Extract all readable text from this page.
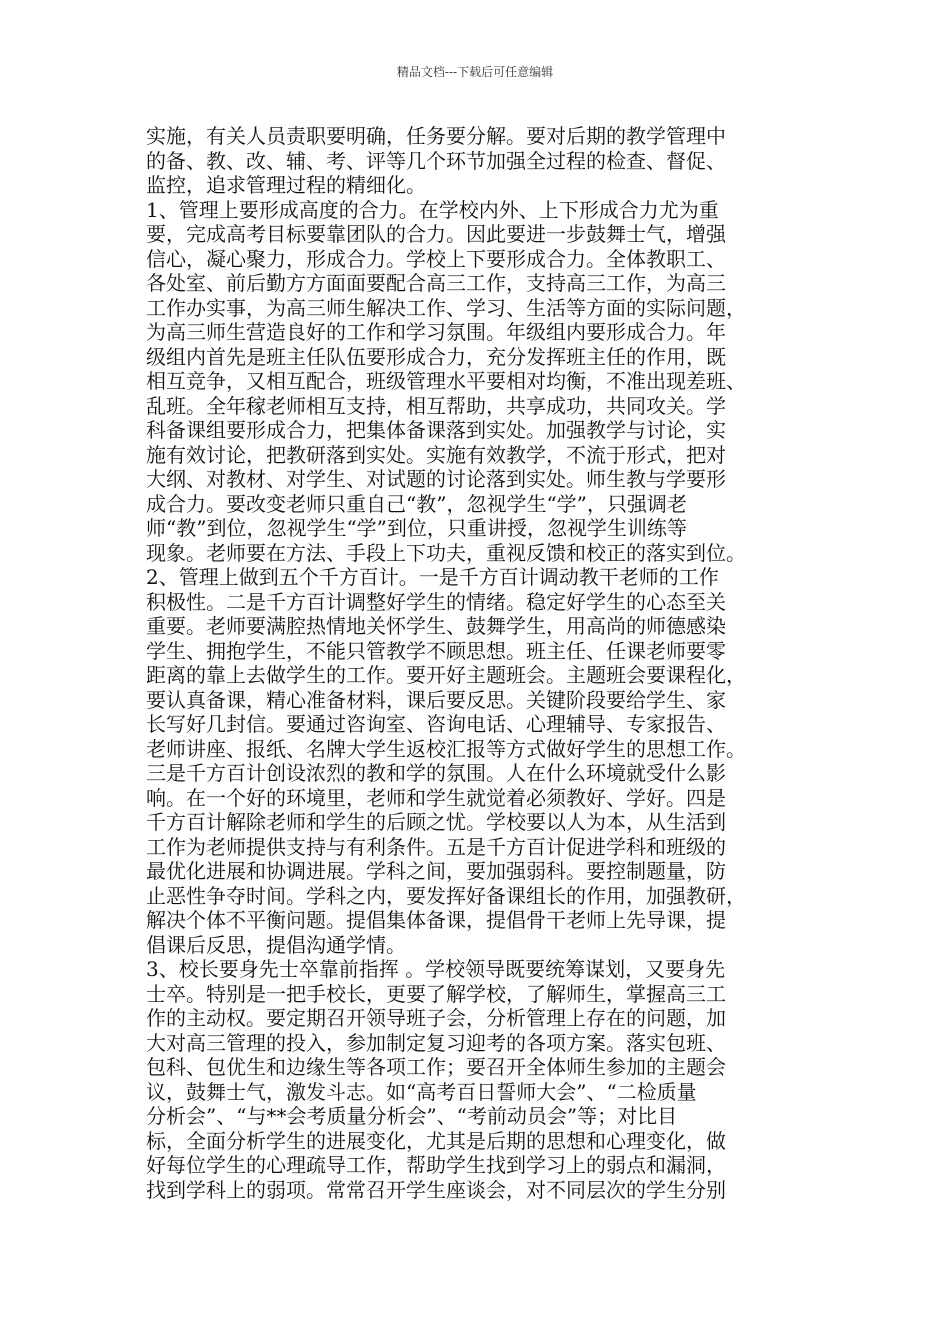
精品文档---下载后可任意编辑
实施，有关人员责职要明确，任务要分解。要对后期的教学管理中
的备、教、改、辅、考、评等几个环节加强全过程的检查、督促、
监控，追求管理过程的精细化。
1、管理上要形成高度的合力。在学校内外、上下形成合力尤为重
要，完成高考目标要靠团队的合力。因此要进一步鼓舞士气，增强
信心，凝心聚力，形成合力。学校上下要形成合力。全体教职工、
各处室、前后勤方方面面要配合高三工作，支持高三工作，为高三
工作办实事，为高三师生解决工作、学习、生活等方面的实际问题，
为高三师生营造良好的工作和学习氛围。年级组内要形成合力。年
级组内首先是班主任队伍要形成合力，充分发挥班主任的作用，既
相互竞争，又相互配合，班级管理水平要相对均衡，不准出现差班、
乱班。全年稼老师相互支持，相互帮助，共享成功，共同攻关。学
科备课组要形成合力，把集体备课落到实处。加强教学与讨论，实
施有效讨论，把教研落到实处。实施有效教学，不流于形式，把对
大纲、对教材、对学生、对试题的讨论落到实处。师生教与学要形
成合力。要改变老师只重自己“教”，忽视学生“学”，只强调老
师“教”到位，忽视学生“学”到位，只重讲授，忽视学生训练等
现象。老师要在方法、手段上下功夫，重视反馈和校正的落实到位。
2、管理上做到五个千方百计。一是千方百计调动教干老师的工作
积极性。二是千方百计调整好学生的情绪。稳定好学生的心态至关
重要。老师要满腔热情地关怀学生、鼓舞学生，用高尚的师德感染
学生、拥抱学生，不能只管教学不顾思想。班主任、任课老师要零
距离的靠上去做学生的工作。要开好主题班会。主题班会要课程化，
要认真备课，精心准备材料，课后要反思。关键阶段要给学生、家
长写好几封信。要通过咨询室、咨询电话、心理辅导、专家报告、
老师讲座、报纸、名牌大学生返校汇报等方式做好学生的思想工作。
三是千方百计创设浓烈的教和学的氛围。人在什么环境就受什么影
响。在一个好的环境里，老师和学生就觉着必须教好、学好。四是
千方百计解除老师和学生的后顾之忧。学校要以人为本，从生活到
工作为老师提供支持与有利条件。五是千方百计促进学科和班级的
最优化进展和协调进展。学科之间，要加强弱科。要控制题量，防
止恶性争夺时间。学科之内，要发挥好备课组长的作用，加强教研，
解决个体不平衡问题。提倡集体备课，提倡骨干老师上先导课，提
倡课后反思，提倡沟通学情。
3、校长要身先士卒靠前指挥 。学校领导既要统筹谋划，又要身先
士卒。特别是一把手校长，更要了解学校，了解师生，掌握高三工
作的主动权。要定期召开领导班子会，分析管理上存在的问题，加
大对高三管理的投入，参加制定复习迎考的各项方案。落实包班、
包科、包优生和边缘生等各项工作；要召开全体师生参加的主题会
议，鼓舞士气，激发斗志。如“高考百日誓师大会”、“二检质量
分析会”、“与**会考质量分析会”、“考前动员会”等；对比目
标，全面分析学生的进展变化，尤其是后期的思想和心理变化，做
好每位学生的心理疏导工作，帮助学生找到学习上的弱点和漏洞，
找到学科上的弱项。常常召开学生座谈会，对不同层次的学生分别
